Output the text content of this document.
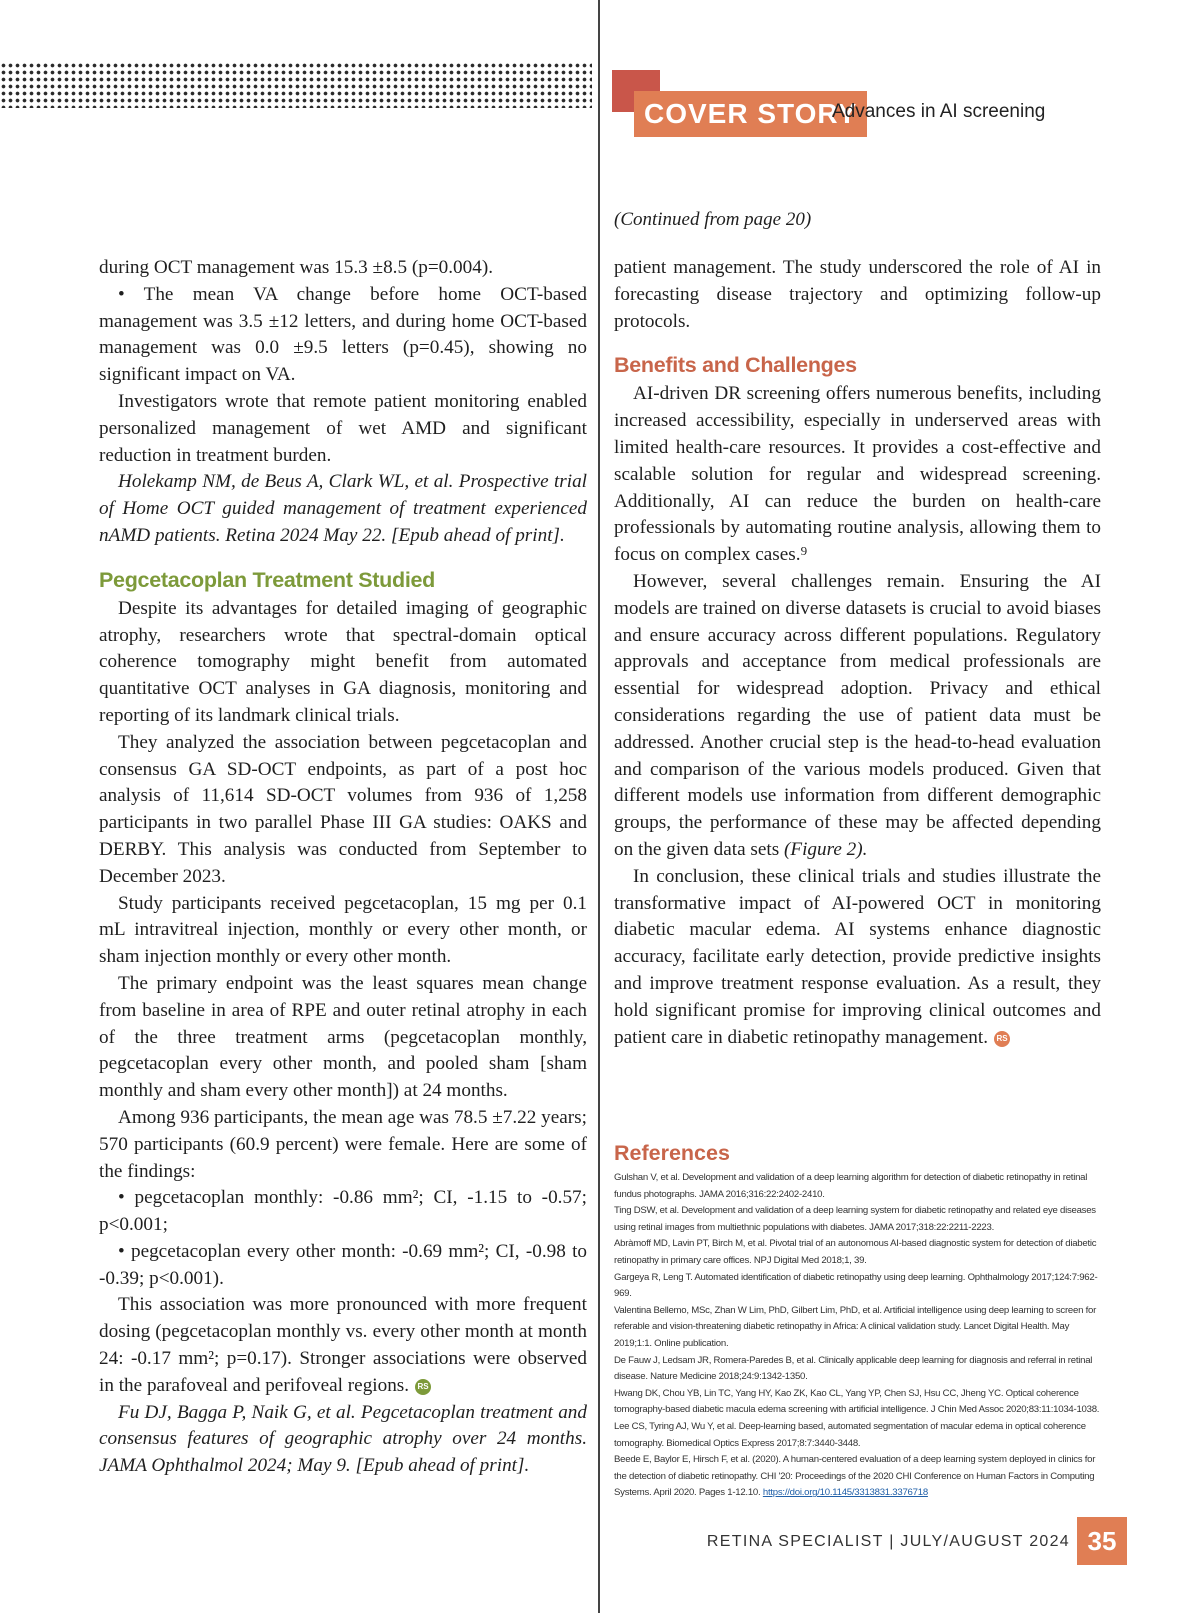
COVER STORY
Advances in AI screening
(Continued from page 20)

during OCT management was 15.3 ±8.5 (p=0.004).

• The mean VA change before home OCT-based management was 3.5 ±12 letters, and during home OCT-based management was 0.0 ±9.5 letters (p=0.45), showing no significant impact on VA.

Investigators wrote that remote patient monitoring enabled personalized management of wet AMD and significant reduction in treatment burden.

Holekamp NM, de Beus A, Clark WL, et al. Prospective trial of Home OCT guided management of treatment experienced nAMD patients. Retina 2024 May 22. [Epub ahead of print].

Pegcetacoplan Treatment Studied

Despite its advantages for detailed imaging of geographic atrophy, researchers wrote that spectral-domain optical coherence tomography might benefit from automated quantitative OCT analyses in GA diagnosis, monitoring and reporting of its landmark clinical trials.

They analyzed the association between pegcetacoplan and consensus GA SD-OCT endpoints, as part of a post hoc analysis of 11,614 SD-OCT volumes from 936 of 1,258 participants in two parallel Phase III GA studies: OAKS and DERBY. This analysis was conducted from September to December 2023.

Study participants received pegcetacoplan, 15 mg per 0.1 mL intravitreal injection, monthly or every other month, or sham injection monthly or every other month.

The primary endpoint was the least squares mean change from baseline in area of RPE and outer retinal atrophy in each of the three treatment arms (pegcetacoplan monthly, pegcetacoplan every other month, and pooled sham [sham monthly and sham every other month]) at 24 months.

Among 936 participants, the mean age was 78.5 ±7.22 years; 570 participants (60.9 percent) were female. Here are some of the findings:

• pegcetacoplan monthly: -0.86 mm²; CI, -1.15 to -0.57; p<0.001;

• pegcetacoplan every other month: -0.69 mm²; CI, -0.98 to -0.39; p<0.001).

This association was more pronounced with more frequent dosing (pegcetacoplan monthly vs. every other month at month 24: -0.17 mm²; p=0.17). Stronger associations were observed in the parafoveal and perifoveal regions. RS

Fu DJ, Bagga P, Naik G, et al. Pegcetacoplan treatment and consensus features of geographic atrophy over 24 months. JAMA Ophthalmol 2024; May 9. [Epub ahead of print].

patient management. The study underscored the role of AI in forecasting disease trajectory and optimizing follow-up protocols.

Benefits and Challenges

AI-driven DR screening offers numerous benefits, including increased accessibility, especially in underserved areas with limited health-care resources. It provides a cost-effective and scalable solution for regular and widespread screening. Additionally, AI can reduce the burden on health-care professionals by automating routine analysis, allowing them to focus on complex cases.⁹

However, several challenges remain. Ensuring the AI models are trained on diverse datasets is crucial to avoid biases and ensure accuracy across different populations. Regulatory approvals and acceptance from medical professionals are essential for widespread adoption. Privacy and ethical considerations regarding the use of patient data must be addressed. Another crucial step is the head-to-head evaluation and comparison of the various models produced. Given that different models use information from different demographic groups, the performance of these may be affected depending on the given data sets (Figure 2).

In conclusion, these clinical trials and studies illustrate the transformative impact of AI-powered OCT in monitoring diabetic macular edema. AI systems enhance diagnostic accuracy, facilitate early detection, provide predictive insights and improve treatment response evaluation. As a result, they hold significant promise for improving clinical outcomes and patient care in diabetic retinopathy management. RS

References
Gulshan V, et al. Development and validation of a deep learning algorithm for detection of diabetic retinopathy in retinal fundus photographs. JAMA 2016;316:22:2402-2410.
Ting DSW, et al. Development and validation of a deep learning system for diabetic retinopathy and related eye diseases using retinal images from multiethnic populations with diabetes. JAMA 2017;318:22:2211-2223.
Abràmoff MD, Lavin PT, Birch M, et al. Pivotal trial of an autonomous AI-based diagnostic system for detection of diabetic retinopathy in primary care offices. NPJ Digital Med 2018;1, 39.
Gargeya R, Leng T. Automated identification of diabetic retinopathy using deep learning. Ophthalmology 2017;124:7:962-969.
Valentina Bellemo, MSc, Zhan W Lim, PhD, Gilbert Lim, PhD, et al. Artificial intelligence using deep learning to screen for referable and vision-threatening diabetic retinopathy in Africa: A clinical validation study. Lancet Digital Health. May 2019;1:1. Online publication.
De Fauw J, Ledsam JR, Romera-Paredes B, et al. Clinically applicable deep learning for diagnosis and referral in retinal disease. Nature Medicine 2018;24:9:1342-1350.
Hwang DK, Chou YB, Lin TC, Yang HY, Kao ZK, Kao CL, Yang YP, Chen SJ, Hsu CC, Jheng YC. Optical coherence tomography-based diabetic macula edema screening with artificial intelligence. J Chin Med Assoc 2020;83:11:1034-1038.
Lee CS, Tyring AJ, Wu Y, et al. Deep-learning based, automated segmentation of macular edema in optical coherence tomography. Biomedical Optics Express 2017;8:7:3440-3448.
Beede E, Baylor E, Hirsch F, et al. (2020). A human-centered evaluation of a deep learning system deployed in clinics for the detection of diabetic retinopathy. CHI '20: Proceedings of the 2020 CHI Conference on Human Factors in Computing Systems. April 2020. Pages 1-12.10. https://doi.org/10.1145/3313831.3376718
RETINA SPECIALIST | JULY/AUGUST 2024 35
